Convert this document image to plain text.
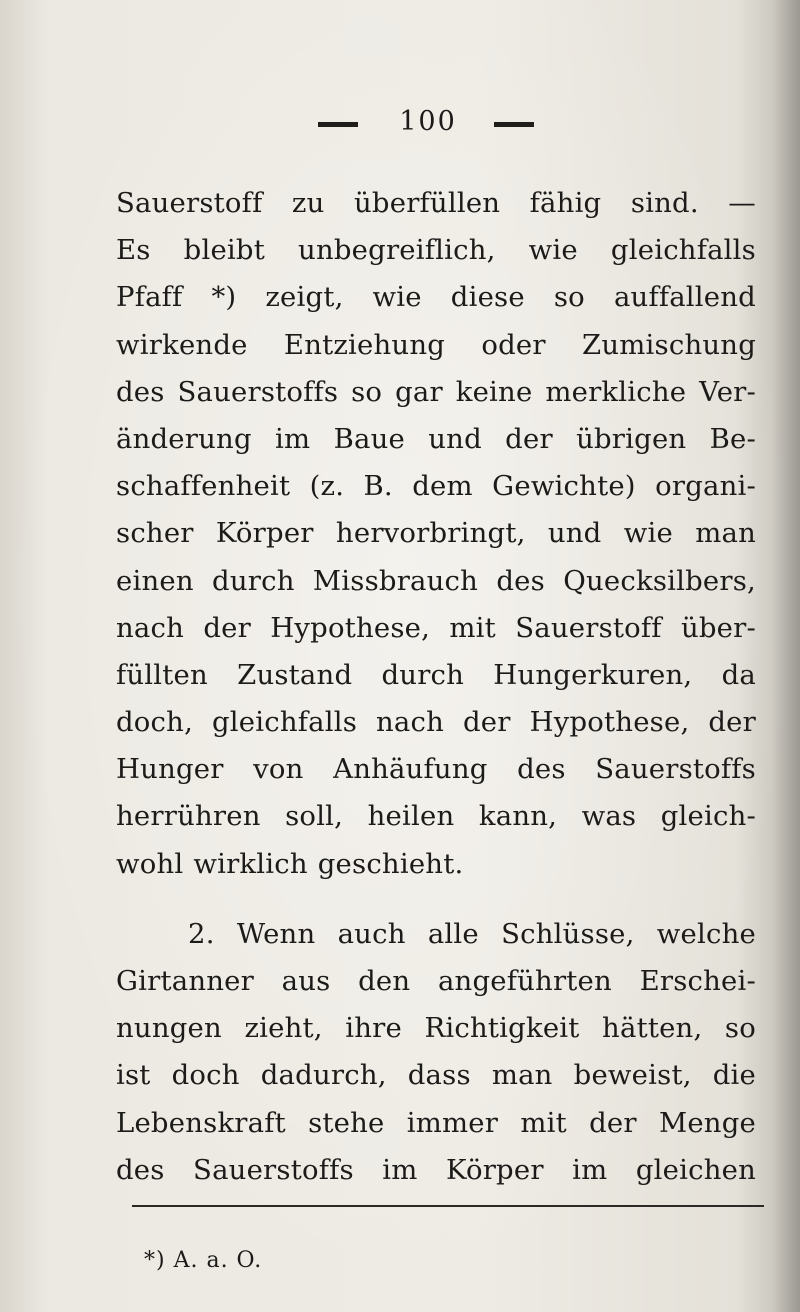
100
Sauerstoff zu überfüllen fähig sind. —
Es bleibt unbegreiflich, wie gleichfalls
Pfaff *) zeigt, wie diese so auffallend
wirkende Entziehung oder Zumischung
des Sauerstoffs so gar keine merkliche Ver-
änderung im Baue und der übrigen Be-
schaffenheit (z. B. dem Gewichte) organi-
scher Körper hervorbringt, und wie man
einen durch Missbrauch des Quecksilbers,
nach der Hypothese, mit Sauerstoff über-
füllten Zustand durch Hungerkuren, da
doch, gleichfalls nach der Hypothese, der
Hunger von Anhäufung des Sauerstoffs
herrühren soll, heilen kann, was gleich-
wohl wirklich geschieht.
2. Wenn auch alle Schlüsse, welche
Girtanner aus den angeführten Erschei-
nungen zieht, ihre Richtigkeit hätten, so
ist doch dadurch, dass man beweist, die
Lebenskraft stehe immer mit der Menge
des Sauerstoffs im Körper im gleichen
*) A. a. O.
